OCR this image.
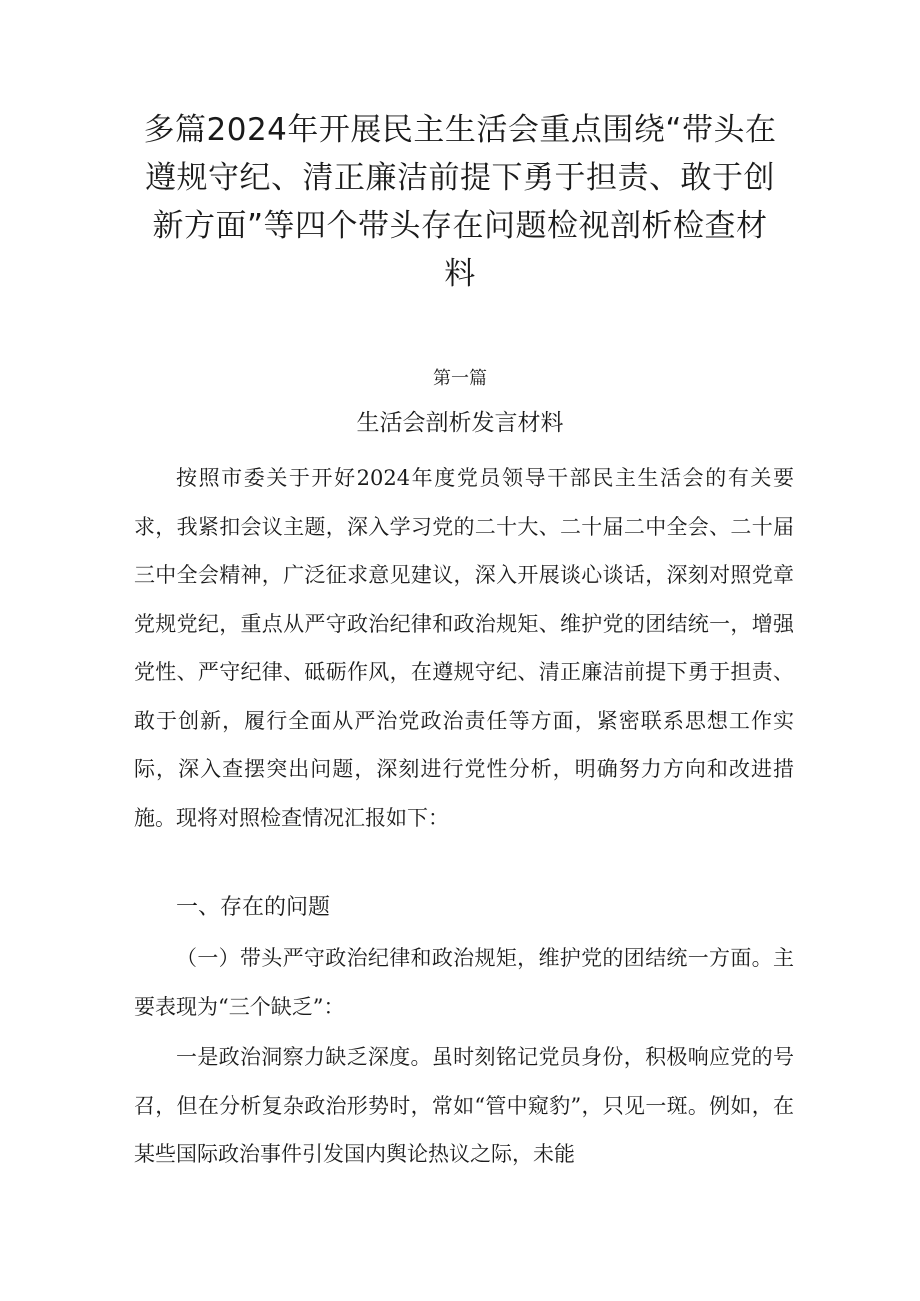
多篇2024年开展民主生活会重点围绕“带头在遵规守纪、清正廉洁前提下勇于担责、敢于创新方面”等四个带头存在问题检视剖析检查材料
第一篇
生活会剖析发言材料

按照市委关于开好2024年度党员领导干部民主生活会的有关要求，我紧扣会议主题，深入学习党的二十大、二十届二中全会、二十届三中全会精神，广泛征求意见建议，深入开展谈心谈话，深刻对照党章党规党纪，重点从严守政治纪律和政治规矩、维护党的团结统一，增强党性、严守纪律、砥砺作风，在遵规守纪、清正廉洁前提下勇于担责、敢于创新，履行全面从严治党政治责任等方面，紧密联系思想工作实际，深入查摆突出问题，深刻进行党性分析，明确努力方向和改进措施。现将对照检查情况汇报如下：

一、存在的问题

（一）带头严守政治纪律和政治规矩，维护党的团结统一方面。主要表现为“三个缺乏”：

一是政治洞察力缺乏深度。虽时刻铭记党员身份，积极响应党的号召，但在分析复杂政治形势时，常如“管中窥豹”，只见一斑。例如，在某些国际政治事件引发国内舆论热议之际，未能
